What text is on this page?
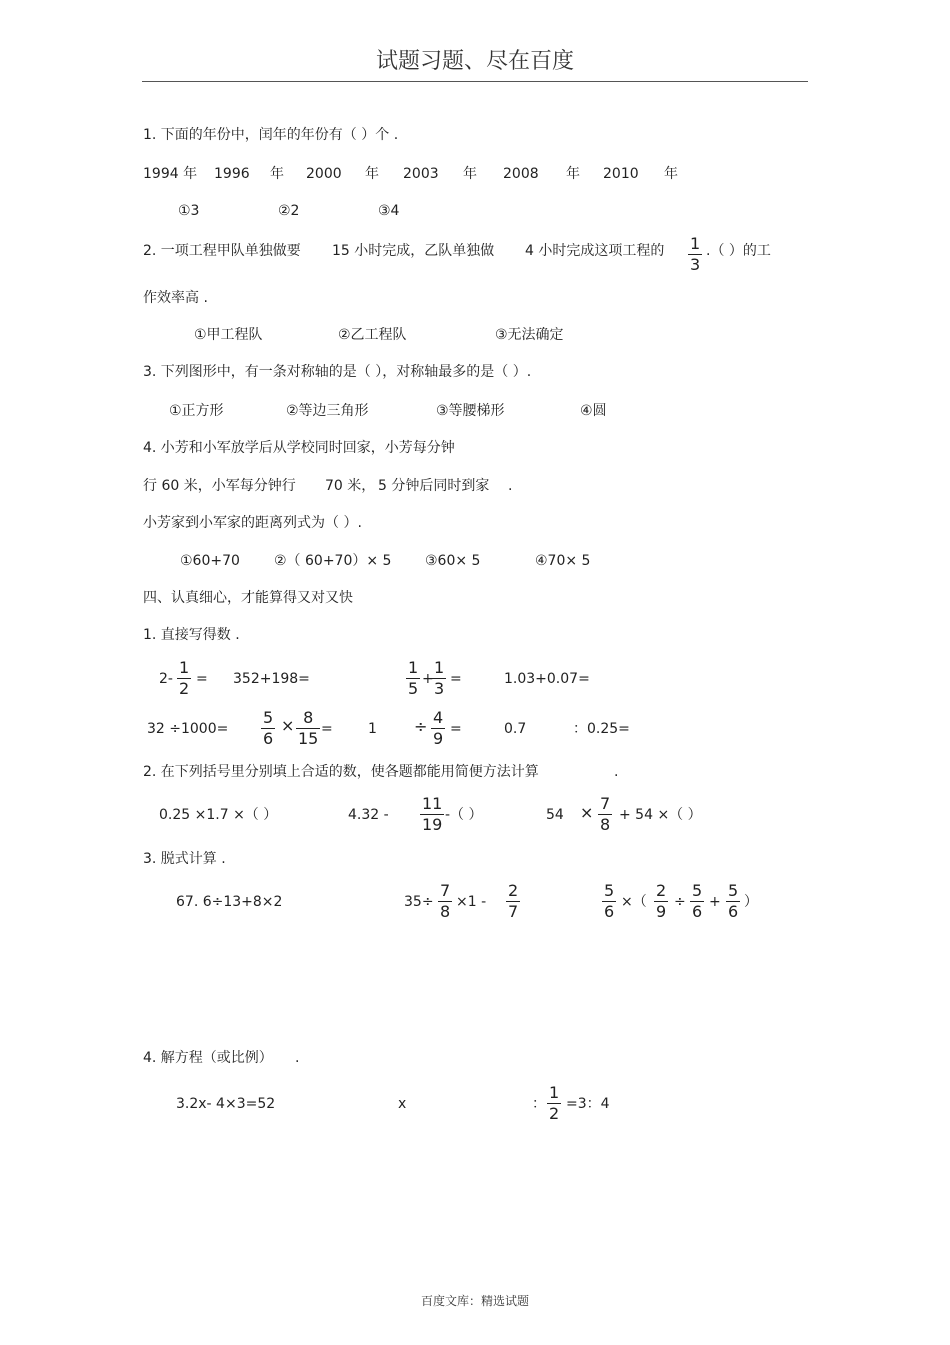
试题习题、尽在百度
1. 下面的年份中，闰年的年份有（ ）个 .
1994 年 1996 年 2000 年 2003 年 2008 年 2010 年
①3	②2	③4
2. 一项工程甲队单独做要 15 小时完成，乙队单独做 4 小时完成这项工程的 1
3
.（ ）的工
作效率高 .
①甲工程队	②乙工程队	③无法确定
3. 下列图形中，有一条对称轴的是（ ），对称轴最多的是（ ）.
①正方形	②等边三角形	③等腰梯形	④圆
4. 小芳和小军放学后从学校同时回家，小芳每分钟
行 60 米，小军每分钟行 70 米， 5 分钟后同时到家 .
小芳家到小军家的距离列式为（ ）.
①60+70 ②（ 60+70）× 5 ③60× 5	④70× 5
四、认真细心，才能算得又对又快
1. 直接写得数 .
2-
1
2 = 352+198=
1
5 +
1
3 =	1.03+0.07=
32 ÷1000=
5
6
× 8
15 =	1 ÷ 4
9 =	0.7	：0.25=
2. 在下列括号里分别填上合适的数，使各题都能用简便方法计算	.
0.25 ×1.7 ×（ ）	4.32 -
11
19 -（ ）	54 × 7
8 + 54 ×（ ）
3. 脱式计算 .
67. 6÷13+8×2	35÷
7
8 ×1 -
2
7
5
6 ×（
2
9 ÷
5
6 +
5
6 ）
4. 解方程（或比例） .
3.2x- 4×3=52	x	：
1
2 =3：4
百度文库：精选试题
